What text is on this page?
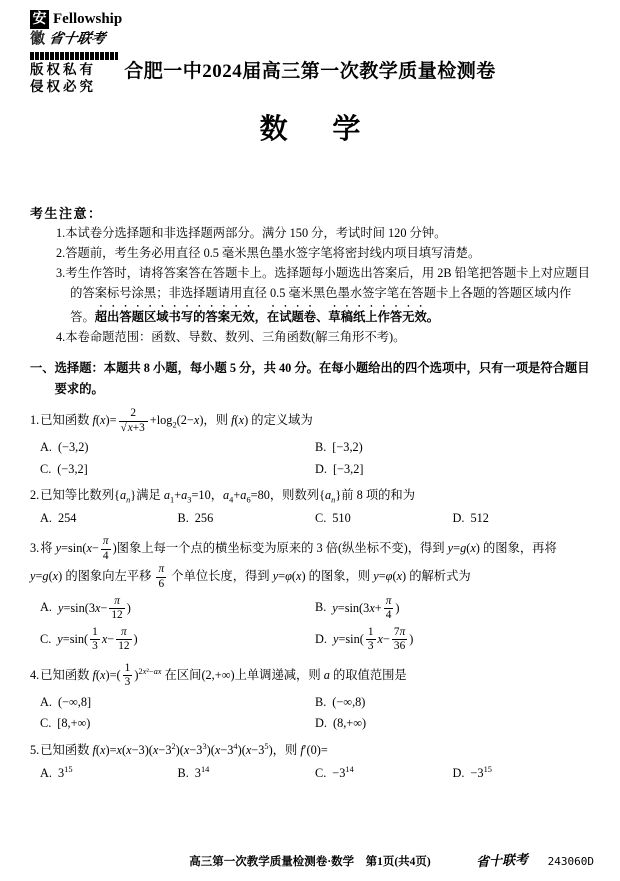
安 Fellowship
徽 省十联考
版权私有
侵权必究
合肥一中2024届高三第一次教学质量检测卷
数学
考生注意：
1.本试卷分选择题和非选择题两部分。满分 150 分，考试时间 120 分钟。
2.答题前，考生务必用直径 0.5 毫米黑色墨水签字笔将密封线内项目填写清楚。
3.考生作答时，请将答案答在答题卡上。选择题每小题选出答案后，用 2B 铅笔把答题卡上对应题目的答案标号涂黑；非选择题请用直径 0.5 毫米黑色墨水签字笔在答题卡上各题的答题区域内作答。超出答题区域书写的答案无效，在试题卷、草稿纸上作答无效。
4.本卷命题范围：函数、导数、数列、三角函数(解三角形不考)。
一、选择题：本题共 8 小题，每小题 5 分，共 40 分。在每小题给出的四个选项中，只有一项是符合题目要求的。
1.已知函数 $f(x)= \frac{2}{√x+3} +\log_2(2-x)$，则 f(x) 的定义域为
A. (−3,2)	B. [−3,2)
C. (−3,2]	D. [−3,2]
2.已知等比数列$\{a_n\}$满足 $a_1+a_3=10$，$a_4+a_6=80$，则数列$\{a_n\}$前 8 项的和为
A. 254	B. 256	C. 510	D. 512
3.将 $y=\sin(x- \frac{\pi}{4}$ )图象上每一个点的横坐标变为原来的 3 倍(纵坐标不变)，得到 y=g(x) 的图象，再将 y=g(x) 的图象向左平移 $\frac{\pi}{6}$ 个单位长度，得到 y=φ(x) 的图象，则 y=φ(x) 的解析式为
A. $y=\sin(3x- \frac{\pi}{12}$ )	B. $y=\sin(3x+ \frac{\pi}{4}$ )
C. $y=\sin( \frac{1}{3} x- \frac{\pi}{12}$ )	D. $y=\sin( \frac{1}{3} x- \frac{7\pi}{36}$ )
4.已知函数 $f(x)=( \frac{1}{3} )^{2x^2-ax}$ 在区间(2,+∞)上单调递减，则 a 的取值范围是
A. (−∞,8]	B. (−∞,8)
C. [8,+∞)	D. (8,+∞)
5.已知函数 $f(x)=x(x-3)(x-3^2)(x-3^3)(x-3^4)(x-3^5)$，则 f′(0)=
A. $3^{15}$	B. $3^{14}$	C. $-3^{14}$	D. $-3^{15}$
高三第一次教学质量检测卷·数学　第1页(共4页)	省十联考 243060D
